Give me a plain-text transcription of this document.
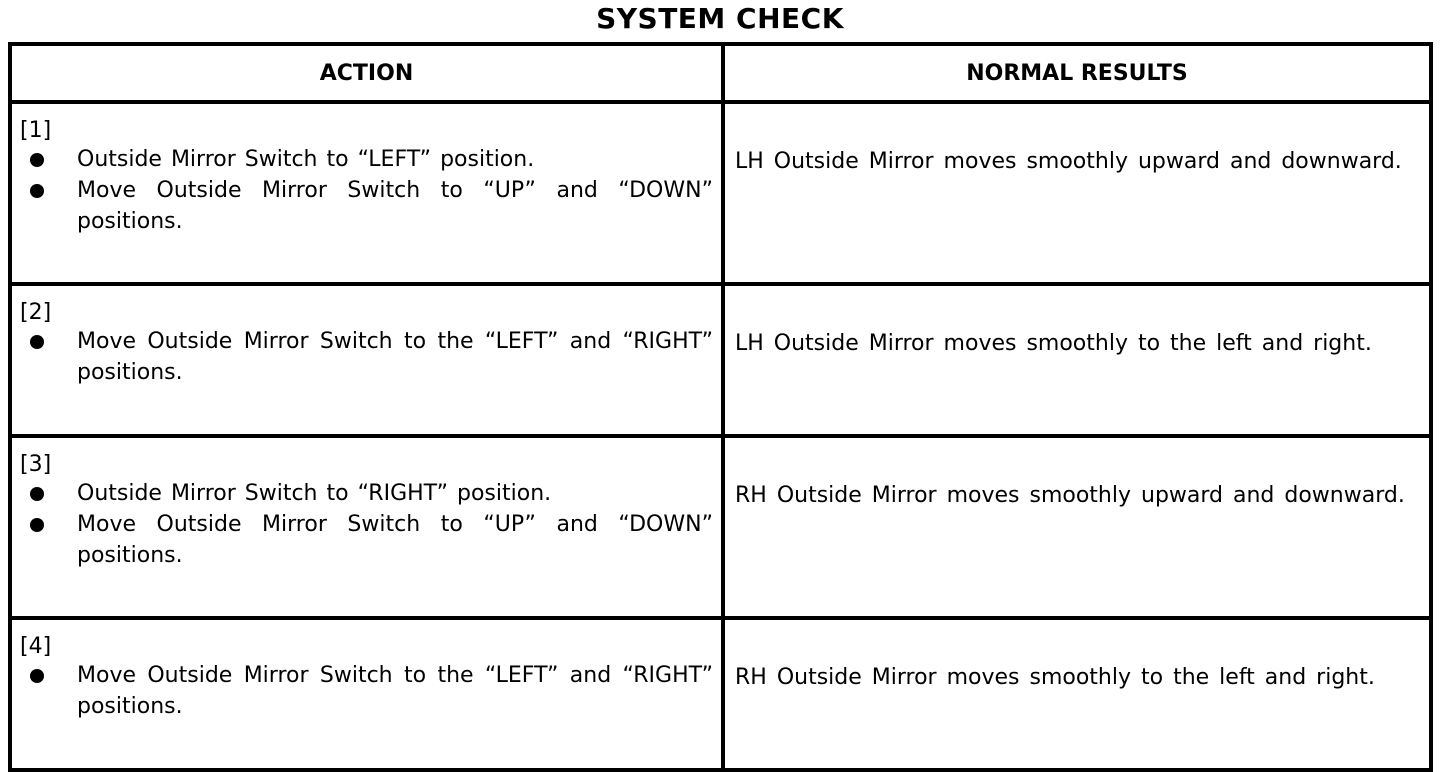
SYSTEM CHECK
ACTION	NORMAL RESULTS

[1]
Outside Mirror Switch to “LEFT” position.
Move Outside Mirror Switch to “UP” and “DOWN” positions.	LH Outside Mirror moves smoothly upward and downward.

[2]
Move Outside Mirror Switch to the “LEFT” and “RIGHT” positions.	LH Outside Mirror moves smoothly to the left and right.

[3]
Outside Mirror Switch to “RIGHT” position.
Move Outside Mirror Switch to “UP” and “DOWN” positions.	RH Outside Mirror moves smoothly upward and downward.

[4]
Move Outside Mirror Switch to the “LEFT” and “RIGHT” positions.	RH Outside Mirror moves smoothly to the left and right.
